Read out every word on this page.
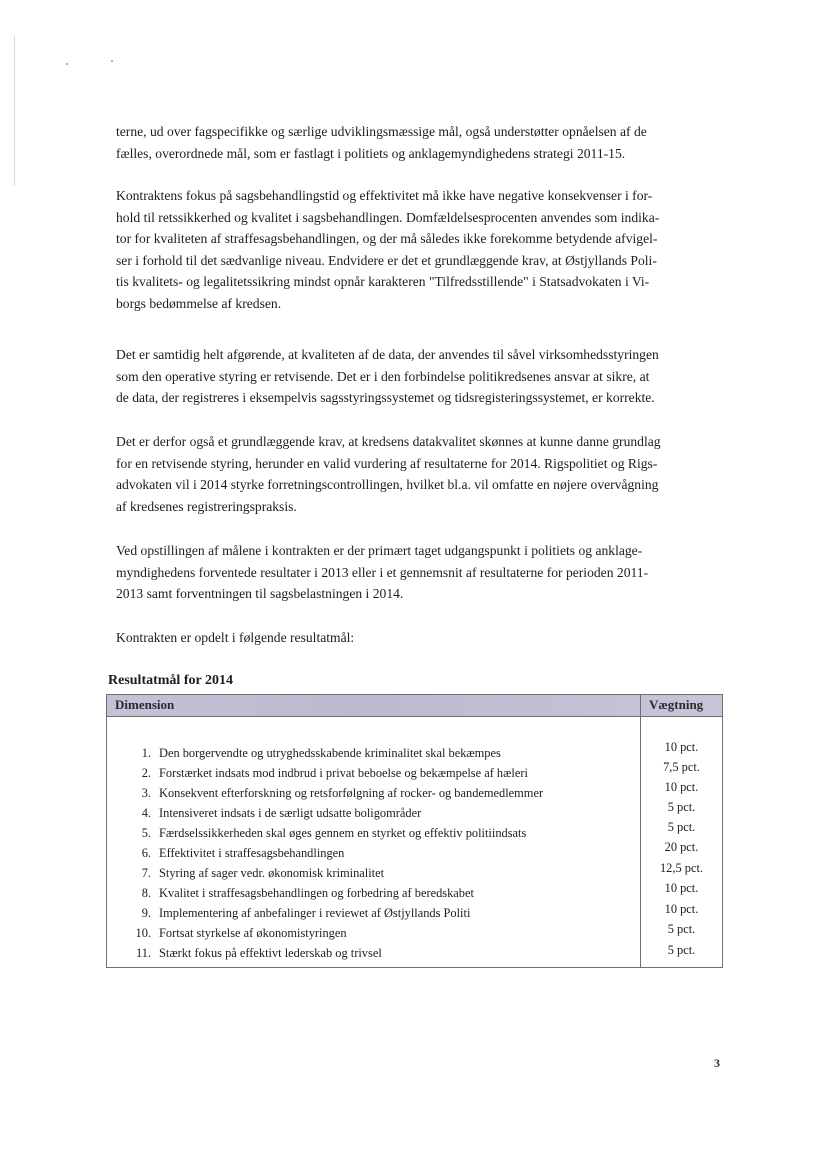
terne, ud over fagspecifikke og særlige udviklingsmæssige mål, også understøtter opnåelsen af de

fælles, overordnede mål, som er fastlagt i politiets og anklagemyndighedens strategi 2011-15.

Kontraktens fokus på sagsbehandlingstid og effektivitet må ikke have negative konsekvenser i for-

hold til retssikkerhed og kvalitet i sagsbehandlingen. Domfældelsesprocenten anvendes som indika-

tor for kvaliteten af straffesagsbehandlingen, og der må således ikke forekomme betydende afvigel-

ser i forhold til det sædvanlige niveau. Endvidere er det et grundlæggende krav, at Østjyllands Poli-

tis kvalitets- og legalitetssikring mindst opnår karakteren "Tilfredsstillende" i Statsadvokaten i Vi-

borgs bedømmelse af kredsen.

Det er samtidig helt afgørende, at kvaliteten af de data, der anvendes til såvel virksomhedsstyringen

som den operative styring er retvisende. Det er i den forbindelse politikredsenes ansvar at sikre, at

de data, der registreres i eksempelvis sagsstyringssystemet og tidsregisteringssystemet, er korrekte.

Det er derfor også et grundlæggende krav, at kredsens datakvalitet skønnes at kunne danne grundlag

for en retvisende styring, herunder en valid vurdering af resultaterne for 2014. Rigspolitiet og Rigs-

advokaten vil i 2014 styrke forretningscontrollingen, hvilket bl.a. vil omfatte en nøjere overvågning

af kredsenes registreringspraksis.

Ved opstillingen af målene i kontrakten er der primært taget udgangspunkt i politiets og anklage-

myndighedens forventede resultater i 2013 eller i et gennemsnit af resultaterne for perioden 2011-

2013 samt forventningen til sagsbelastningen i 2014.

Kontrakten er opdelt i følgende resultatmål:

Resultatmål for 2014
Dimension	Vægtning
1. Den borgervendte og utryghedsskabende kriminalitet skal bekæmpes
2. Forstærket indsats mod indbrud i privat beboelse og bekæmpelse af hæleri
3. Konsekvent efterforskning og retsforfølgning af rocker- og bandemedlemmer
4. Intensiveret indsats i de særligt udsatte boligområder
5. Færdselssikkerheden skal øges gennem en styrket og effektiv politiindsats
6. Effektivitet i straffesagsbehandlingen
7. Styring af sager vedr. økonomisk kriminalitet
8. Kvalitet i straffesagsbehandlingen og forbedring af beredskabet
9. Implementering af anbefalinger i reviewet af Østjyllands Politi
10. Fortsat styrkelse af økonomistyringen
11. Stærkt fokus på effektivt lederskab og trivsel
10 pct.
7,5 pct.
10 pct.
5 pct.
5 pct.
20 pct.
12,5 pct.
10 pct.
10 pct.
5 pct.
5 pct.
3
